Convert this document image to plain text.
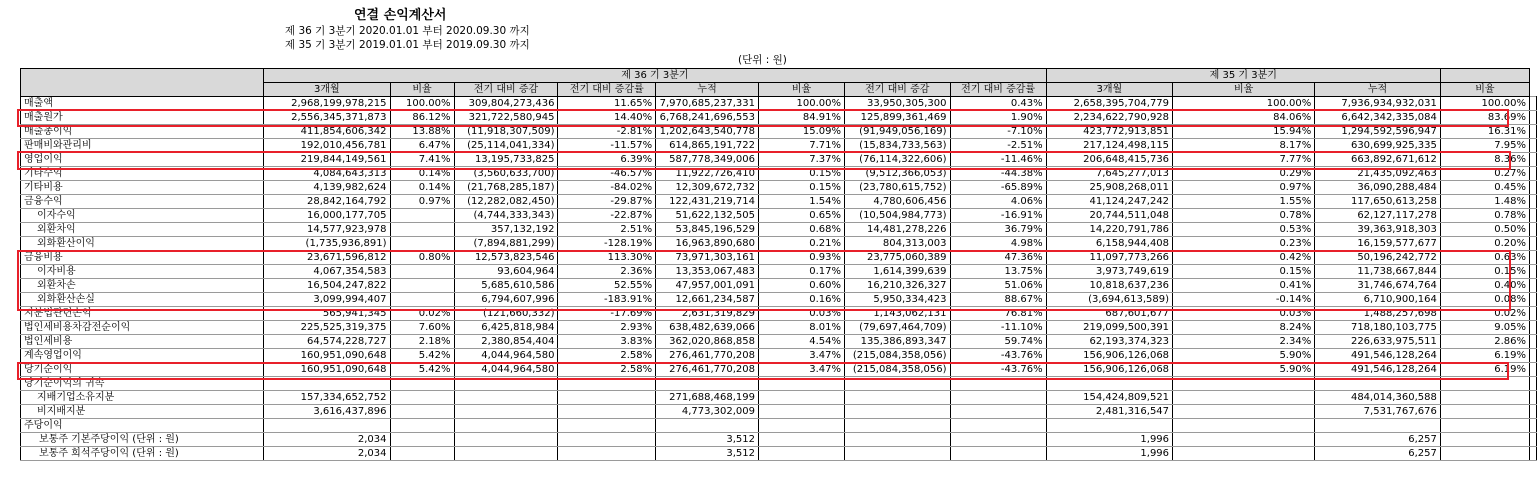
연결 손익계산서
제 36 기 3분기 2020.01.01 부터 2020.09.30 까지
제 35 기 3분기 2019.01.01 부터 2019.09.30 까지
(단위 : 원)
	제 36 기 3분기								제 35 기 3분기				
	3개월	비율	전기 대비 증감	전기 대비 증감률	누적	비율	전기 대비 증감	전기 대비 증감률	3개월	비율	누적	비율	
매출액	2,968,199,978,215	100.00%	309,804,273,436	11.65%	7,970,685,237,331	100.00%	33,950,305,300	0.43%	2,658,395,704,779	100.00%	7,936,934,932,031	100.00%	
매출원가	2,556,345,371,873	86.12%	321,722,580,945	14.40%	6,768,241,696,553	84.91%	125,899,361,469	1.90%	2,234,622,790,928	84.06%	6,642,342,335,084	83.69%	
매출총이익	411,854,606,342	13.88%	(11,918,307,509)	-2.81%	1,202,643,540,778	15.09%	(91,949,056,169)	-7.10%	423,772,913,851	15.94%	1,294,592,596,947	16.31%	
판매비와관리비	192,010,456,781	6.47%	(25,114,041,334)	-11.57%	614,865,191,722	7.71%	(15,834,733,563)	-2.51%	217,124,498,115	8.17%	630,699,925,335	7.95%	
영업이익	219,844,149,561	7.41%	13,195,733,825	6.39%	587,778,349,006	7.37%	(76,114,322,606)	-11.46%	206,648,415,736	7.77%	663,892,671,612	8.36%	
기타수익	4,084,643,313	0.14%	(3,560,633,700)	-46.57%	11,922,726,410	0.15%	(9,512,366,053)	-44.38%	7,645,277,013	0.29%	21,435,092,463	0.27%	
기타비용	4,139,982,624	0.14%	(21,768,285,187)	-84.02%	12,309,672,732	0.15%	(23,780,615,752)	-65.89%	25,908,268,011	0.97%	36,090,288,484	0.45%	
금융수익	28,842,164,792	0.97%	(12,282,082,450)	-29.87%	122,431,219,714	1.54%	4,780,606,456	4.06%	41,124,247,242	1.55%	117,650,613,258	1.48%	
이자수익	16,000,177,705		(4,744,333,343)	-22.87%	51,622,132,505	0.65%	(10,504,984,773)	-16.91%	20,744,511,048	0.78%	62,127,117,278	0.78%	
외환차익	14,577,923,978		357,132,192	2.51%	53,845,196,529	0.68%	14,481,278,226	36.79%	14,220,791,786	0.53%	39,363,918,303	0.50%	
외화환산이익	(1,735,936,891)		(7,894,881,299)	-128.19%	16,963,890,680	0.21%	804,313,003	4.98%	6,158,944,408	0.23%	16,159,577,677	0.20%	
금융비용	23,671,596,812	0.80%	12,573,823,546	113.30%	73,971,303,161	0.93%	23,775,060,389	47.36%	11,097,773,266	0.42%	50,196,242,772	0.63%	
이자비용	4,067,354,583		93,604,964	2.36%	13,353,067,483	0.17%	1,614,399,639	13.75%	3,973,749,619	0.15%	11,738,667,844	0.15%	
외환차손	16,504,247,822		5,685,610,586	52.55%	47,957,001,091	0.60%	16,210,326,327	51.06%	10,818,637,236	0.41%	31,746,674,764	0.40%	
외화환산손실	3,099,994,407		6,794,607,996	-183.91%	12,661,234,587	0.16%	5,950,334,423	88.67%	(3,694,613,589)	-0.14%	6,710,900,164	0.08%	
지분법관련손익	565,941,345	0.02%	(121,660,332)	-17.69%	2,631,319,829	0.03%	1,143,062,131	76.81%	687,601,677	0.03%	1,488,257,698	0.02%	
법인세비용차감전순이익	225,525,319,375	7.60%	6,425,818,984	2.93%	638,482,639,066	8.01%	(79,697,464,709)	-11.10%	219,099,500,391	8.24%	718,180,103,775	9.05%	
법인세비용	64,574,228,727	2.18%	2,380,854,404	3.83%	362,020,868,858	4.54%	135,386,893,347	59.74%	62,193,374,323	2.34%	226,633,975,511	2.86%	
계속영업이익	160,951,090,648	5.42%	4,044,964,580	2.58%	276,461,770,208	3.47%	(215,084,358,056)	-43.76%	156,906,126,068	5.90%	491,546,128,264	6.19%	
당기순이익	160,951,090,648	5.42%	4,044,964,580	2.58%	276,461,770,208	3.47%	(215,084,358,056)	-43.76%	156,906,126,068	5.90%	491,546,128,264	6.19%	
당기순이익의 귀속													
지배기업소유지분	157,334,652,752				271,688,468,199				154,424,809,521		484,014,360,588		
비지배지분	3,616,437,896				4,773,302,009				2,481,316,547		7,531,767,676		
주당이익													
보통주 기본주당이익 (단위 : 원)	2,034				3,512				1,996		6,257		
보통주 희석주당이익 (단위 : 원)	2,034				3,512				1,996		6,257		
